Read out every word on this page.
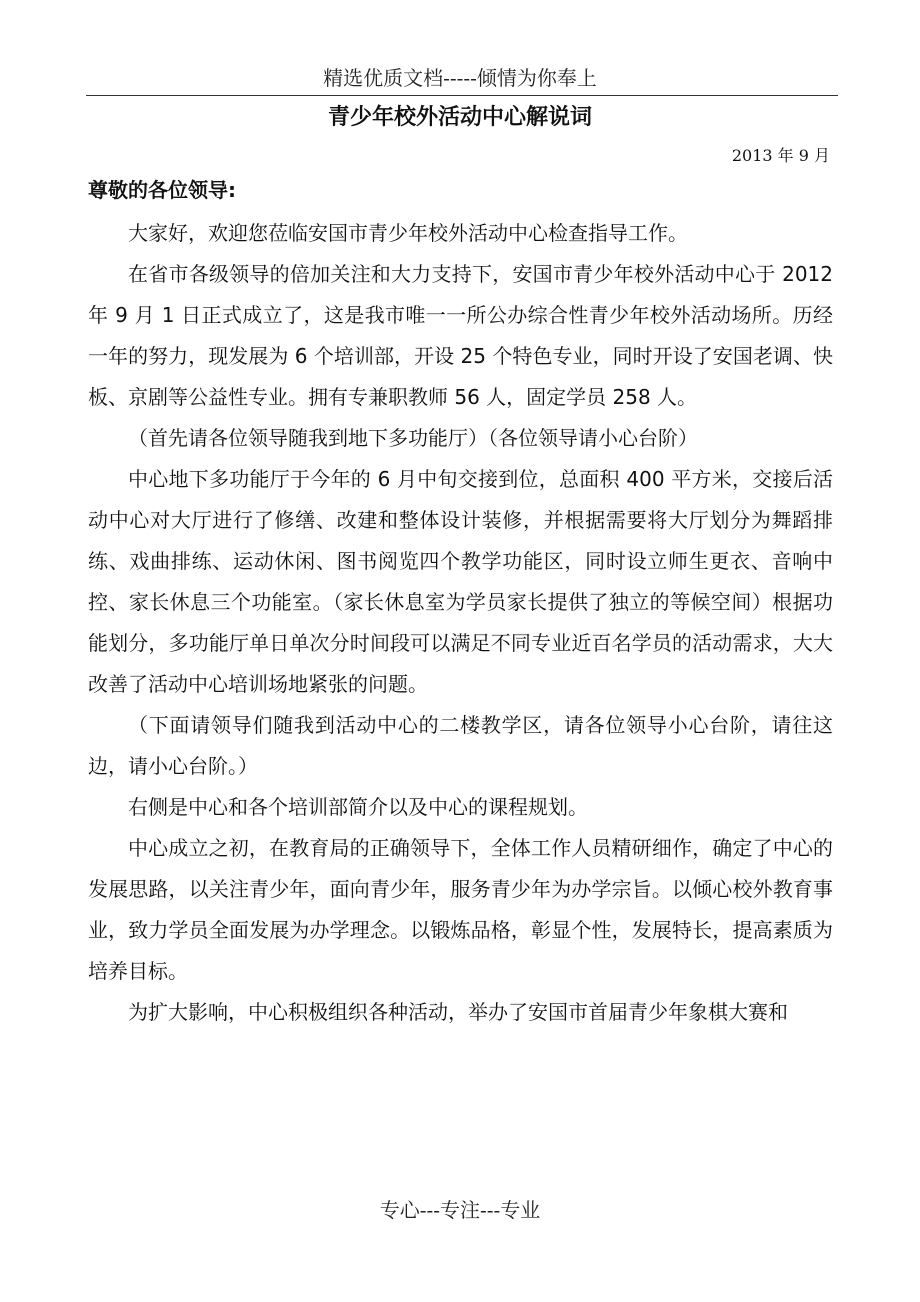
精选优质文档-----倾情为你奉上
青少年校外活动中心解说词
2013 年 9 月

尊敬的各位领导:

大家好，欢迎您莅临安国市青少年校外活动中心检查指导工作。

在省市各级领导的倍加关注和大力支持下，安国市青少年校外活动中心于 2012 年 9 月 1 日正式成立了，这是我市唯一一所公办综合性青少年校外活动场所。历经一年的努力，现发展为 6 个培训部，开设 25 个特色专业，同时开设了安国老调、快板、京剧等公益性专业。拥有专兼职教师 56 人，固定学员 258 人。

（首先请各位领导随我到地下多功能厅）（各位领导请小心台阶）

中心地下多功能厅于今年的 6 月中旬交接到位，总面积 400 平方米，交接后活动中心对大厅进行了修缮、改建和整体设计装修，并根据需要将大厅划分为舞蹈排练、戏曲排练、运动休闲、图书阅览四个教学功能区，同时设立师生更衣、音响中控、家长休息三个功能室。（家长休息室为学员家长提供了独立的等候空间）根据功能划分，多功能厅单日单次分时间段可以满足不同专业近百名学员的活动需求，大大改善了活动中心培训场地紧张的问题。

（下面请领导们随我到活动中心的二楼教学区，请各位领导小心台阶，请往这边，请小心台阶。）

右侧是中心和各个培训部简介以及中心的课程规划。

中心成立之初，在教育局的正确领导下，全体工作人员精研细作，确定了中心的发展思路，以关注青少年，面向青少年，服务青少年为办学宗旨。以倾心校外教育事业，致力学员全面发展为办学理念。以锻炼品格，彰显个性，发展特长，提高素质为培养目标。

为扩大影响，中心积极组织各种活动，举办了安国市首届青少年象棋大赛和

专心---专注---专业
